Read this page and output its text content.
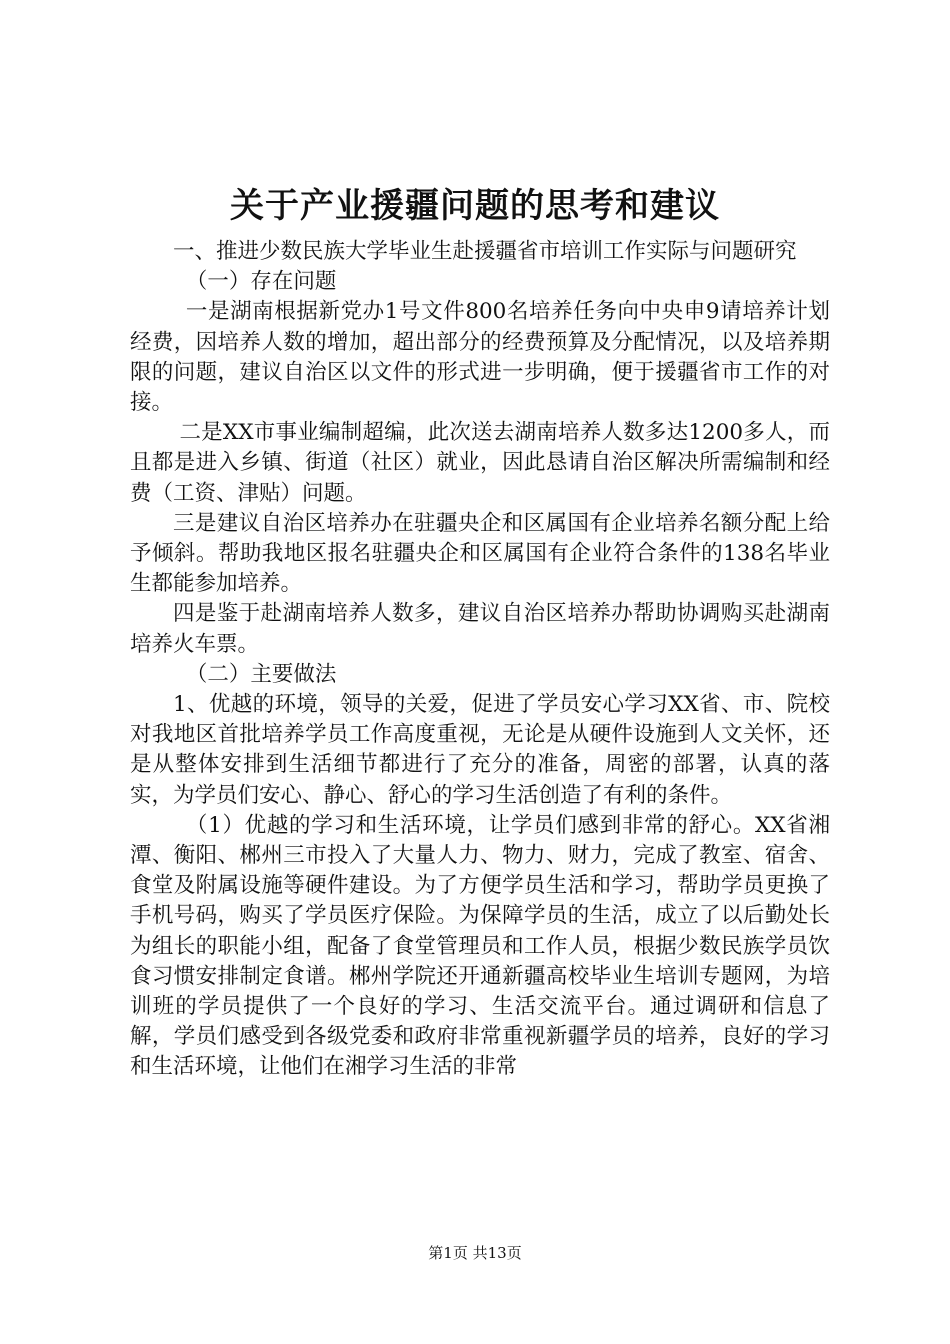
关于产业援疆问题的思考和建议

一、推进少数民族大学毕业生赴援疆省市培训工作实际与问题研究

（一）存在问题

一是湖南根据新党办1号文件800名培养任务向中央申9请培养计划经费，因培养人数的增加，超出部分的经费预算及分配情况，以及培养期限的问题，建议自治区以文件的形式进一步明确，便于援疆省市工作的对接。

二是XX市事业编制超编，此次送去湖南培养人数多达1200多人，而且都是进入乡镇、街道（社区）就业，因此恳请自治区解决所需编制和经费（工资、津贴）问题。

三是建议自治区培养办在驻疆央企和区属国有企业培养名额分配上给予倾斜。帮助我地区报名驻疆央企和区属国有企业符合条件的138名毕业生都能参加培养。

四是鉴于赴湖南培养人数多，建议自治区培养办帮助协调购买赴湖南培养火车票。

（二）主要做法

1、优越的环境，领导的关爱，促进了学员安心学习XX省、市、院校对我地区首批培养学员工作高度重视，无论是从硬件设施到人文关怀，还是从整体安排到生活细节都进行了充分的准备，周密的部署，认真的落实，为学员们安心、静心、舒心的学习生活创造了有利的条件。

（1）优越的学习和生活环境，让学员们感到非常的舒心。XX省湘潭、衡阳、郴州三市投入了大量人力、物力、财力，完成了教室、宿舍、食堂及附属设施等硬件建设。为了方便学员生活和学习，帮助学员更换了手机号码，购买了学员医疗保险。为保障学员的生活，成立了以后勤处长为组长的职能小组，配备了食堂管理员和工作人员，根据少数民族学员饮食习惯安排制定食谱。郴州学院还开通新疆高校毕业生培训专题网，为培训班的学员提供了一个良好的学习、生活交流平台。通过调研和信息了解，学员们感受到各级党委和政府非常重视新疆学员的培养，良好的学习和生活环境，让他们在湘学习生活的非常

第1页 共13页
